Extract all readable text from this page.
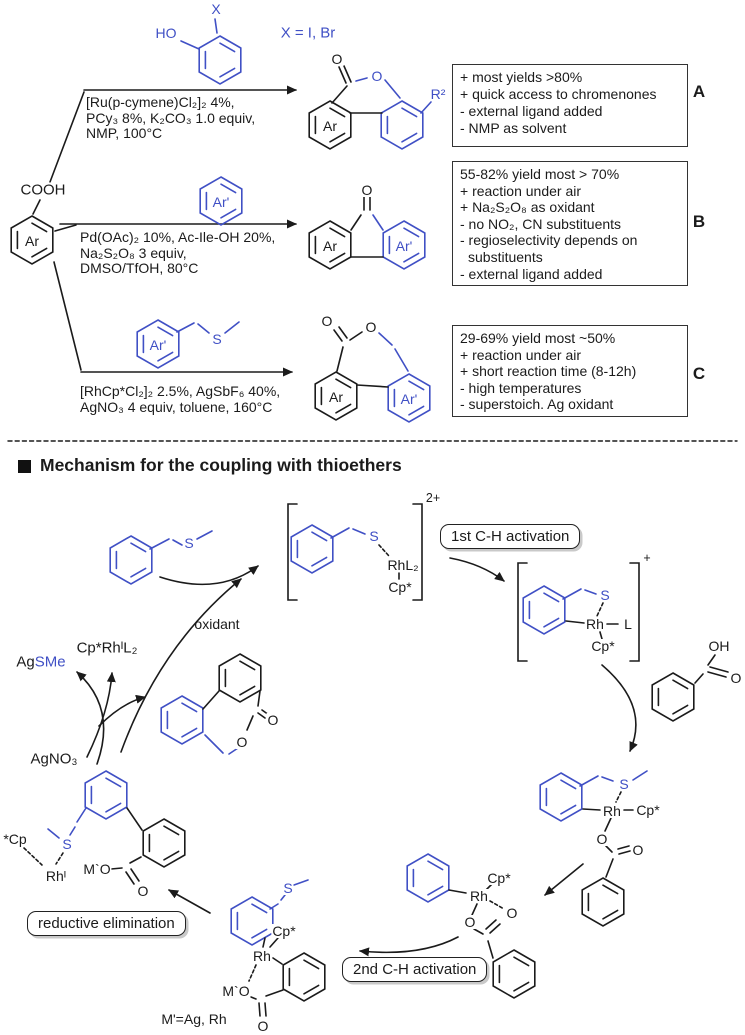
COOH
Ar
X
HO	X = I, Br
[Ru(p-cymene)Cl₂]₂ 4%,
PCy₃ 8%, K₂CO₃ 1.0 equiv,
NMP, 100°C
O
O
Ar
R²
+ most yields >80%
+ quick access to chromenones
- external ligand added
- NMP as solvent
A
Ar'
Pd(OAc)₂ 10%, Ac-Ile-OH 20%,
Na₂S₂O₈ 3 equiv,
DMSO/TfOH, 80°C
O
Ar	Ar'
55-82% yield most > 70%
+ reaction under air
+ Na₂S₂O₈ as oxidant
- no NO₂, CN substituents
- regioselectivity depends on
substituents
- external ligand added
B
Ar'	S
[RhCp*Cl₂]₂ 2.5%, AgSbF₆ 40%,
AgNO₃ 4 equiv, toluene, 160°C
O O
Ar	Ar'
29-69% yield most ~50%
+ reaction under air
+ short reaction time (8-12h)
- high temperatures
- superstoich. Ag oxidant
C
Mechanism for the coupling with thioethers
S
oxidant
S
RhL₂
Cp*
2+
1st C-H activation
S
Rh L
Cp*
+
OH
O
S
Rh Cp*
O
O
Rh
Cp*
O
O
2nd C-H activation
S
Cp*
Rh
M`O
O
M'=Ag, Rh
*Cp	S
Rhᴵ M`O
O
reductive elimination
AgSMe
Cp*RhᴵL₂
AgNO₃
O
O
